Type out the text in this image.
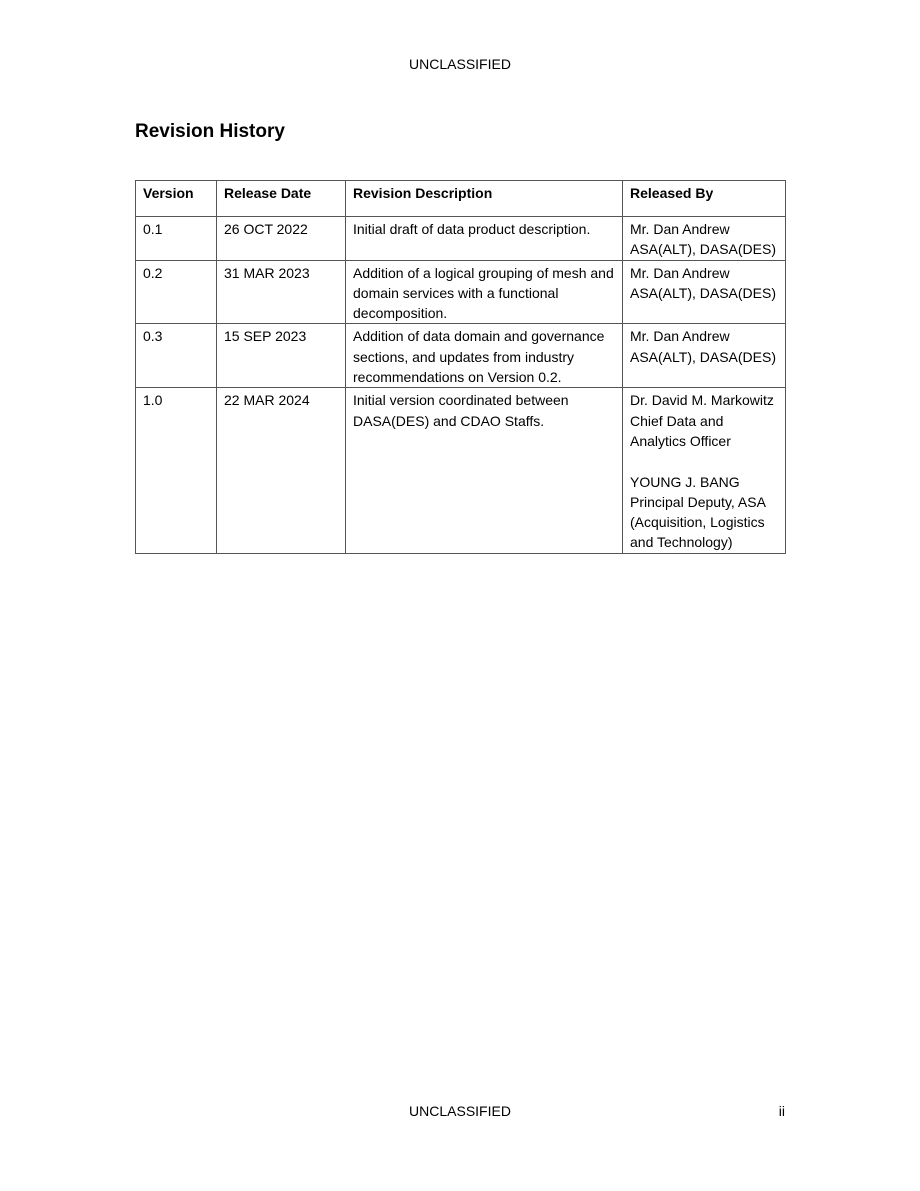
UNCLASSIFIED
Revision History
Version	Release Date	Revision Description	Released By
0.1	26 OCT 2022	Initial draft of data product description.	Mr. Dan Andrew
ASA(ALT), DASA(DES)
0.2	31 MAR 2023	Addition of a logical grouping of mesh and domain services with a functional decomposition.	Mr. Dan Andrew
ASA(ALT), DASA(DES)
0.3	15 SEP 2023	Addition of data domain and governance sections, and updates from industry recommendations on Version 0.2.	Mr. Dan Andrew
ASA(ALT), DASA(DES)
1.0	22 MAR 2024	Initial version coordinated between DASA(DES) and CDAO Staffs.	Dr. David M. Markowitz
Chief Data and Analytics Officer

YOUNG J. BANG
Principal Deputy, ASA (Acquisition, Logistics and Technology)
UNCLASSIFIED	ii
